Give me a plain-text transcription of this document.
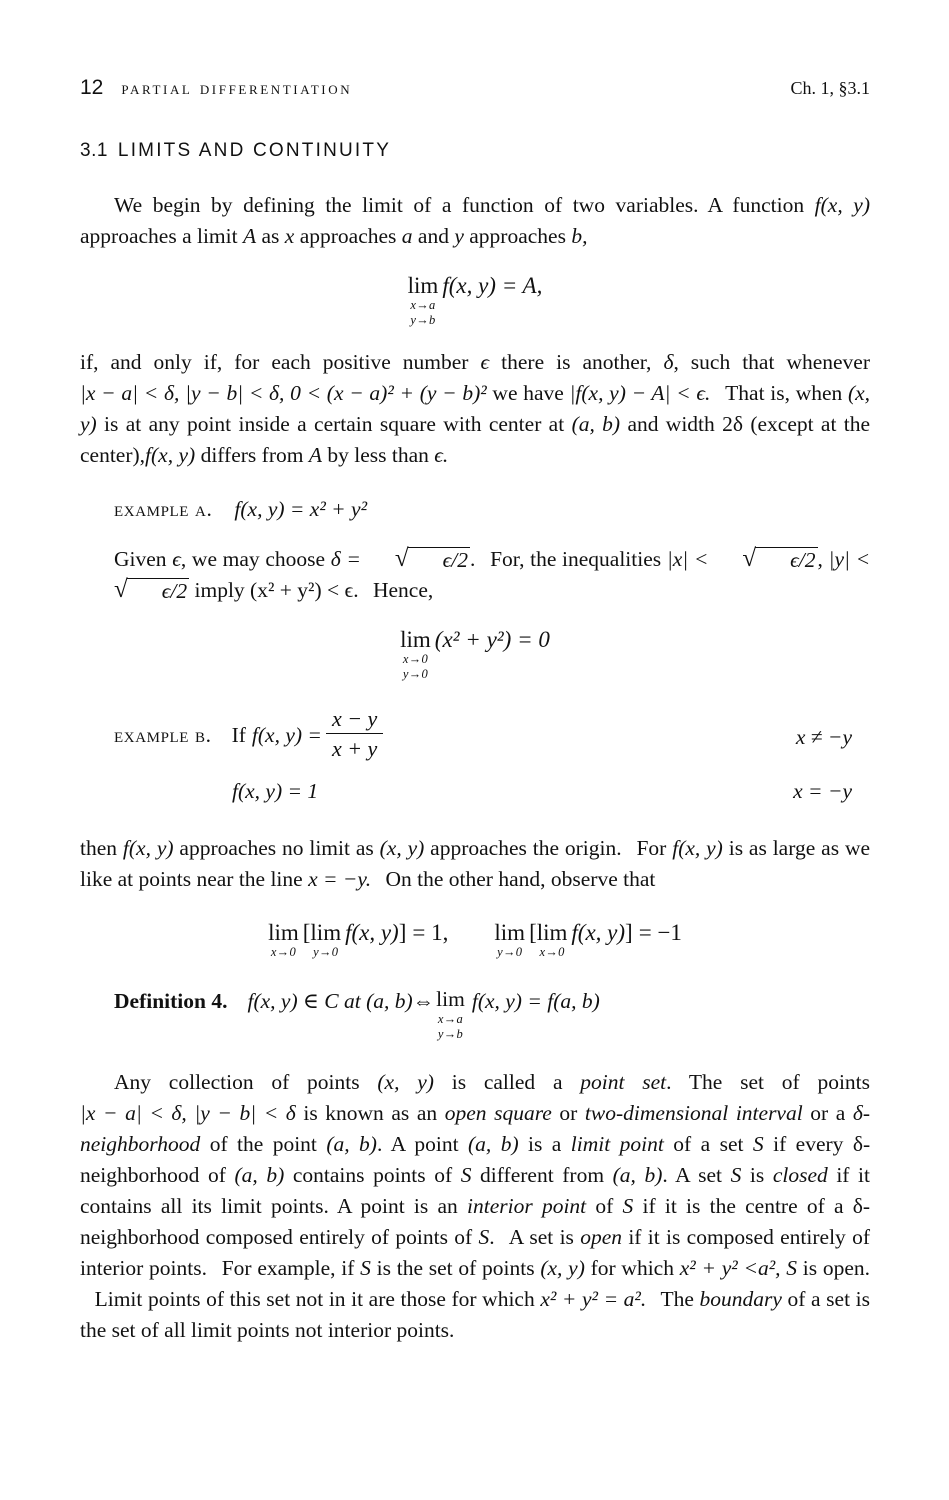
12 partial differentiation	Ch. 1, §3.1
3.1 LIMITS AND CONTINUITY

We begin by defining the limit of a function of two variables. A function f(x, y) approaches a limit A as x approaches a and y approaches b,

lim
x→a
y→b
f(x, y) = A,

if, and only if, for each positive number ϵ there is another, δ, such that whenever |x − a| < δ, |y − b| < δ, 0 < (x − a)² + (y − b)² we have |f(x, y) − A| < ϵ. That is, when (x, y) is at any point inside a certain square with center at (a, b) and width 2δ (except at the center),f(x, y) differs from A by less than ϵ.

example a. f(x, y) = x² + y²

Given ϵ, we may choose δ =	√	ϵ/2 . For, the inequalities |x| <	√	ϵ/2 , |y| <
√	ϵ/2 imply (x² + y²) < ϵ. Hence,

lim
x→0
y→0
(x² + y²) = 0
example b. If f(x, $y) = \frac{x - y}{x + y}$	x ≠ −y
f(x, y) = 1	x = −y

then f(x, y) approaches no limit as (x, y) approaches the origin. For f(x, y) is as large as we like at points near the line x = −y. On the other hand, observe that

lim
x→0
[ lim
y→0
f(x, y) ] = 1, lim
y→0
[ lim
x→0
f(x, y) ] = −1
Definition 4. f(x, y) ∈ C at (a, b)⇔ lim
x→a
y→b
f(x, y) = f(a, b)

Any collection of points (x, y) is called a point set. The set of points |x − a| < δ, |y − b| < δ is known as an open square or two-dimensional interval or a δ-neighborhood of the point (a, b). A point (a, b) is a limit point of a set S if every δ-neighborhood of (a, b) contains points of S different from (a, b). A set S is closed if it contains all its limit points. A point is an interior point of S if it is the centre of a δ-neighborhood composed entirely of points of S. A set is open if it is composed entirely of interior points. For example, if S is the set of points (x, y) for which x² + y² <a², S is open. Limit points of this set not in it are those for which x² + y² = a². The boundary of a set is the set of all limit points not interior points.
